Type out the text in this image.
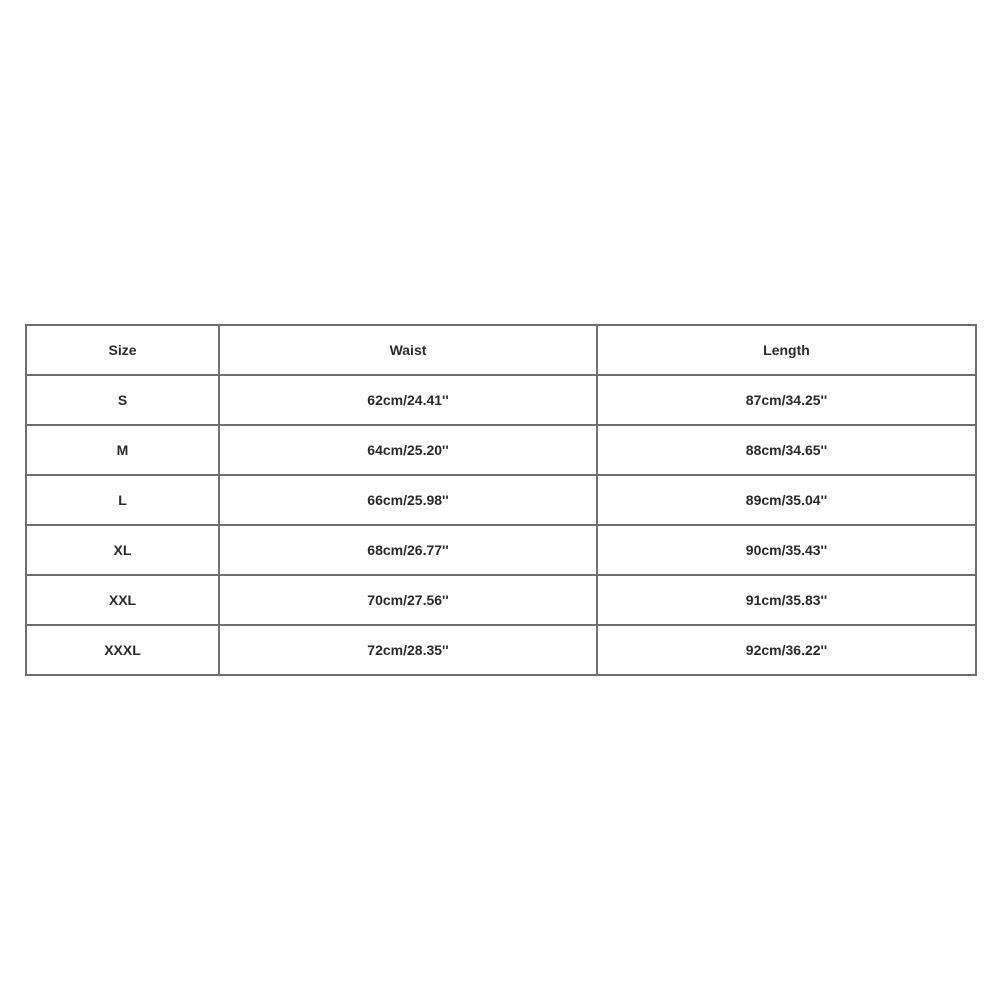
Size	Waist	Length
S	62cm/24.41''	87cm/34.25''
M	64cm/25.20''	88cm/34.65''
L	66cm/25.98''	89cm/35.04''
XL	68cm/26.77''	90cm/35.43''
XXL	70cm/27.56''	91cm/35.83''
XXXL	72cm/28.35''	92cm/36.22''
